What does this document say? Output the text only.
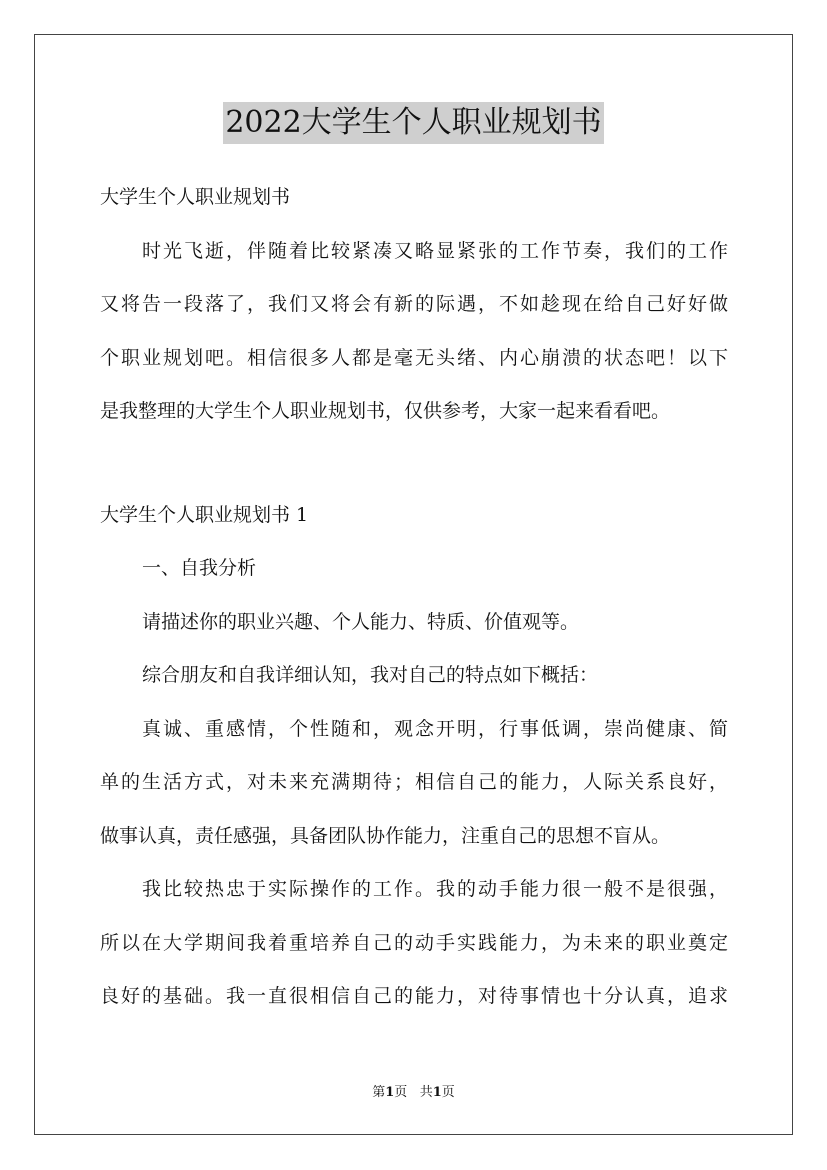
2022大学生个人职业规划书

大学生个人职业规划书

时光飞逝，伴随着比较紧凑又略显紧张的工作节奏，我们的工作

又将告一段落了，我们又将会有新的际遇，不如趁现在给自己好好做

个职业规划吧。相信很多人都是毫无头绪、内心崩溃的状态吧！以下

是我整理的大学生个人职业规划书，仅供参考，大家一起来看看吧。

大学生个人职业规划书 1

一、自我分析

请描述你的职业兴趣、个人能力、特质、价值观等。

综合朋友和自我详细认知，我对自己的特点如下概括：

真诚、重感情，个性随和，观念开明，行事低调，崇尚健康、简

单的生活方式，对未来充满期待；相信自己的能力，人际关系良好，

做事认真，责任感强，具备团队协作能力，注重自己的思想不盲从。

我比较热忠于实际操作的工作。我的动手能力很一般不是很强，

所以在大学期间我着重培养自己的动手实践能力，为未来的职业奠定

良好的基础。我一直很相信自己的能力，对待事情也十分认真，追求

第1页 共1页
